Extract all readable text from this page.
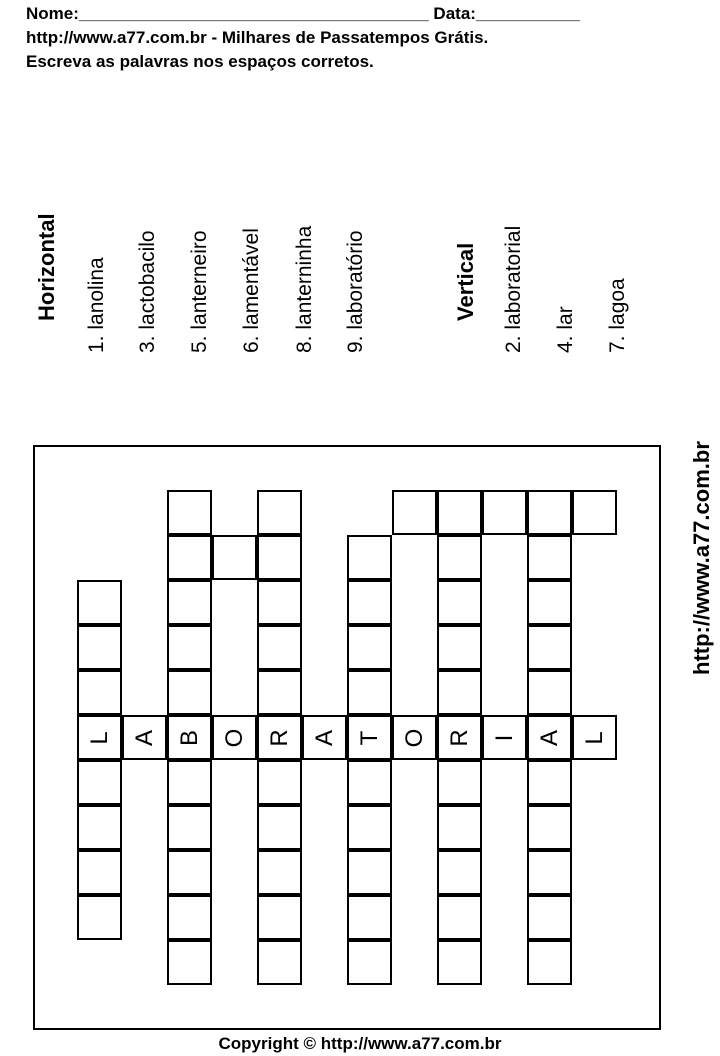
Nome:_____________________________________ Data:___________
http://www.a77.com.br - Milhares de Passatempos Grátis.
Escreva as palavras nos espaços corretos.
Horizontal 1. lanolina 3. lactobacilo 5. lanterneiro 6. lamentável 8. lanterninha 9. laboratório	Vertical 2. laboratorial 4. lar 7. lagoa
http://www.a77.com.br
L A B O R A T O R I A L
Copyright © http://www.a77.com.br
